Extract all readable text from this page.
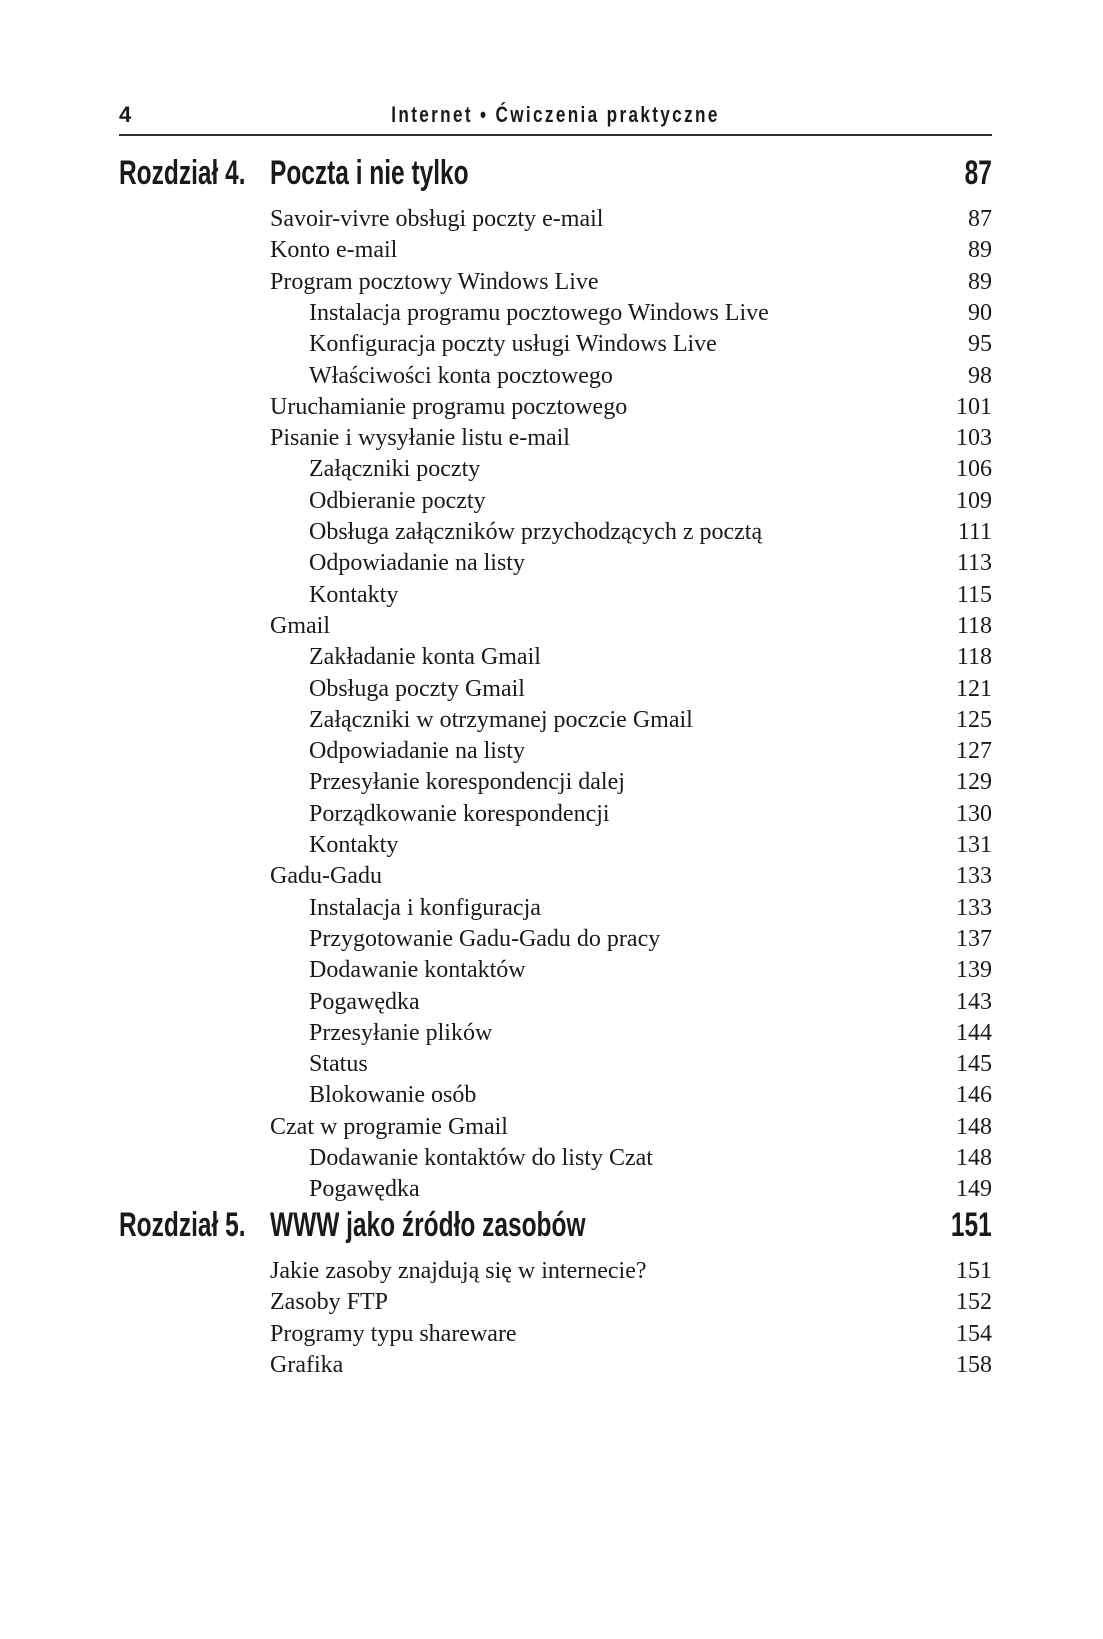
4	Internet • Ćwiczenia praktyczne
Rozdział 4. Poczta i nie tylko	87
Savoir-vivre obsługi poczty e-mail	87
Konto e-mail	89
Program pocztowy Windows Live	89
Instalacja programu pocztowego Windows Live	90
Konfiguracja poczty usługi Windows Live	95
Właściwości konta pocztowego	98
Uruchamianie programu pocztowego	101
Pisanie i wysyłanie listu e-mail	103
Załączniki poczty	106
Odbieranie poczty	109
Obsługa załączników przychodzących z pocztą	111
Odpowiadanie na listy	113
Kontakty	115
Gmail	118
Zakładanie konta Gmail	118
Obsługa poczty Gmail	121
Załączniki w otrzymanej poczcie Gmail	125
Odpowiadanie na listy	127
Przesyłanie korespondencji dalej	129
Porządkowanie korespondencji	130
Kontakty	131
Gadu-Gadu	133
Instalacja i konfiguracja	133
Przygotowanie Gadu-Gadu do pracy	137
Dodawanie kontaktów	139
Pogawędka	143
Przesyłanie plików	144
Status	145
Blokowanie osób	146
Czat w programie Gmail	148
Dodawanie kontaktów do listy Czat	148
Pogawędka	149
Rozdział 5. WWW jako źródło zasobów	151
Jakie zasoby znajdują się w internecie?	151
Zasoby FTP	152
Programy typu shareware	154
Grafika	158
